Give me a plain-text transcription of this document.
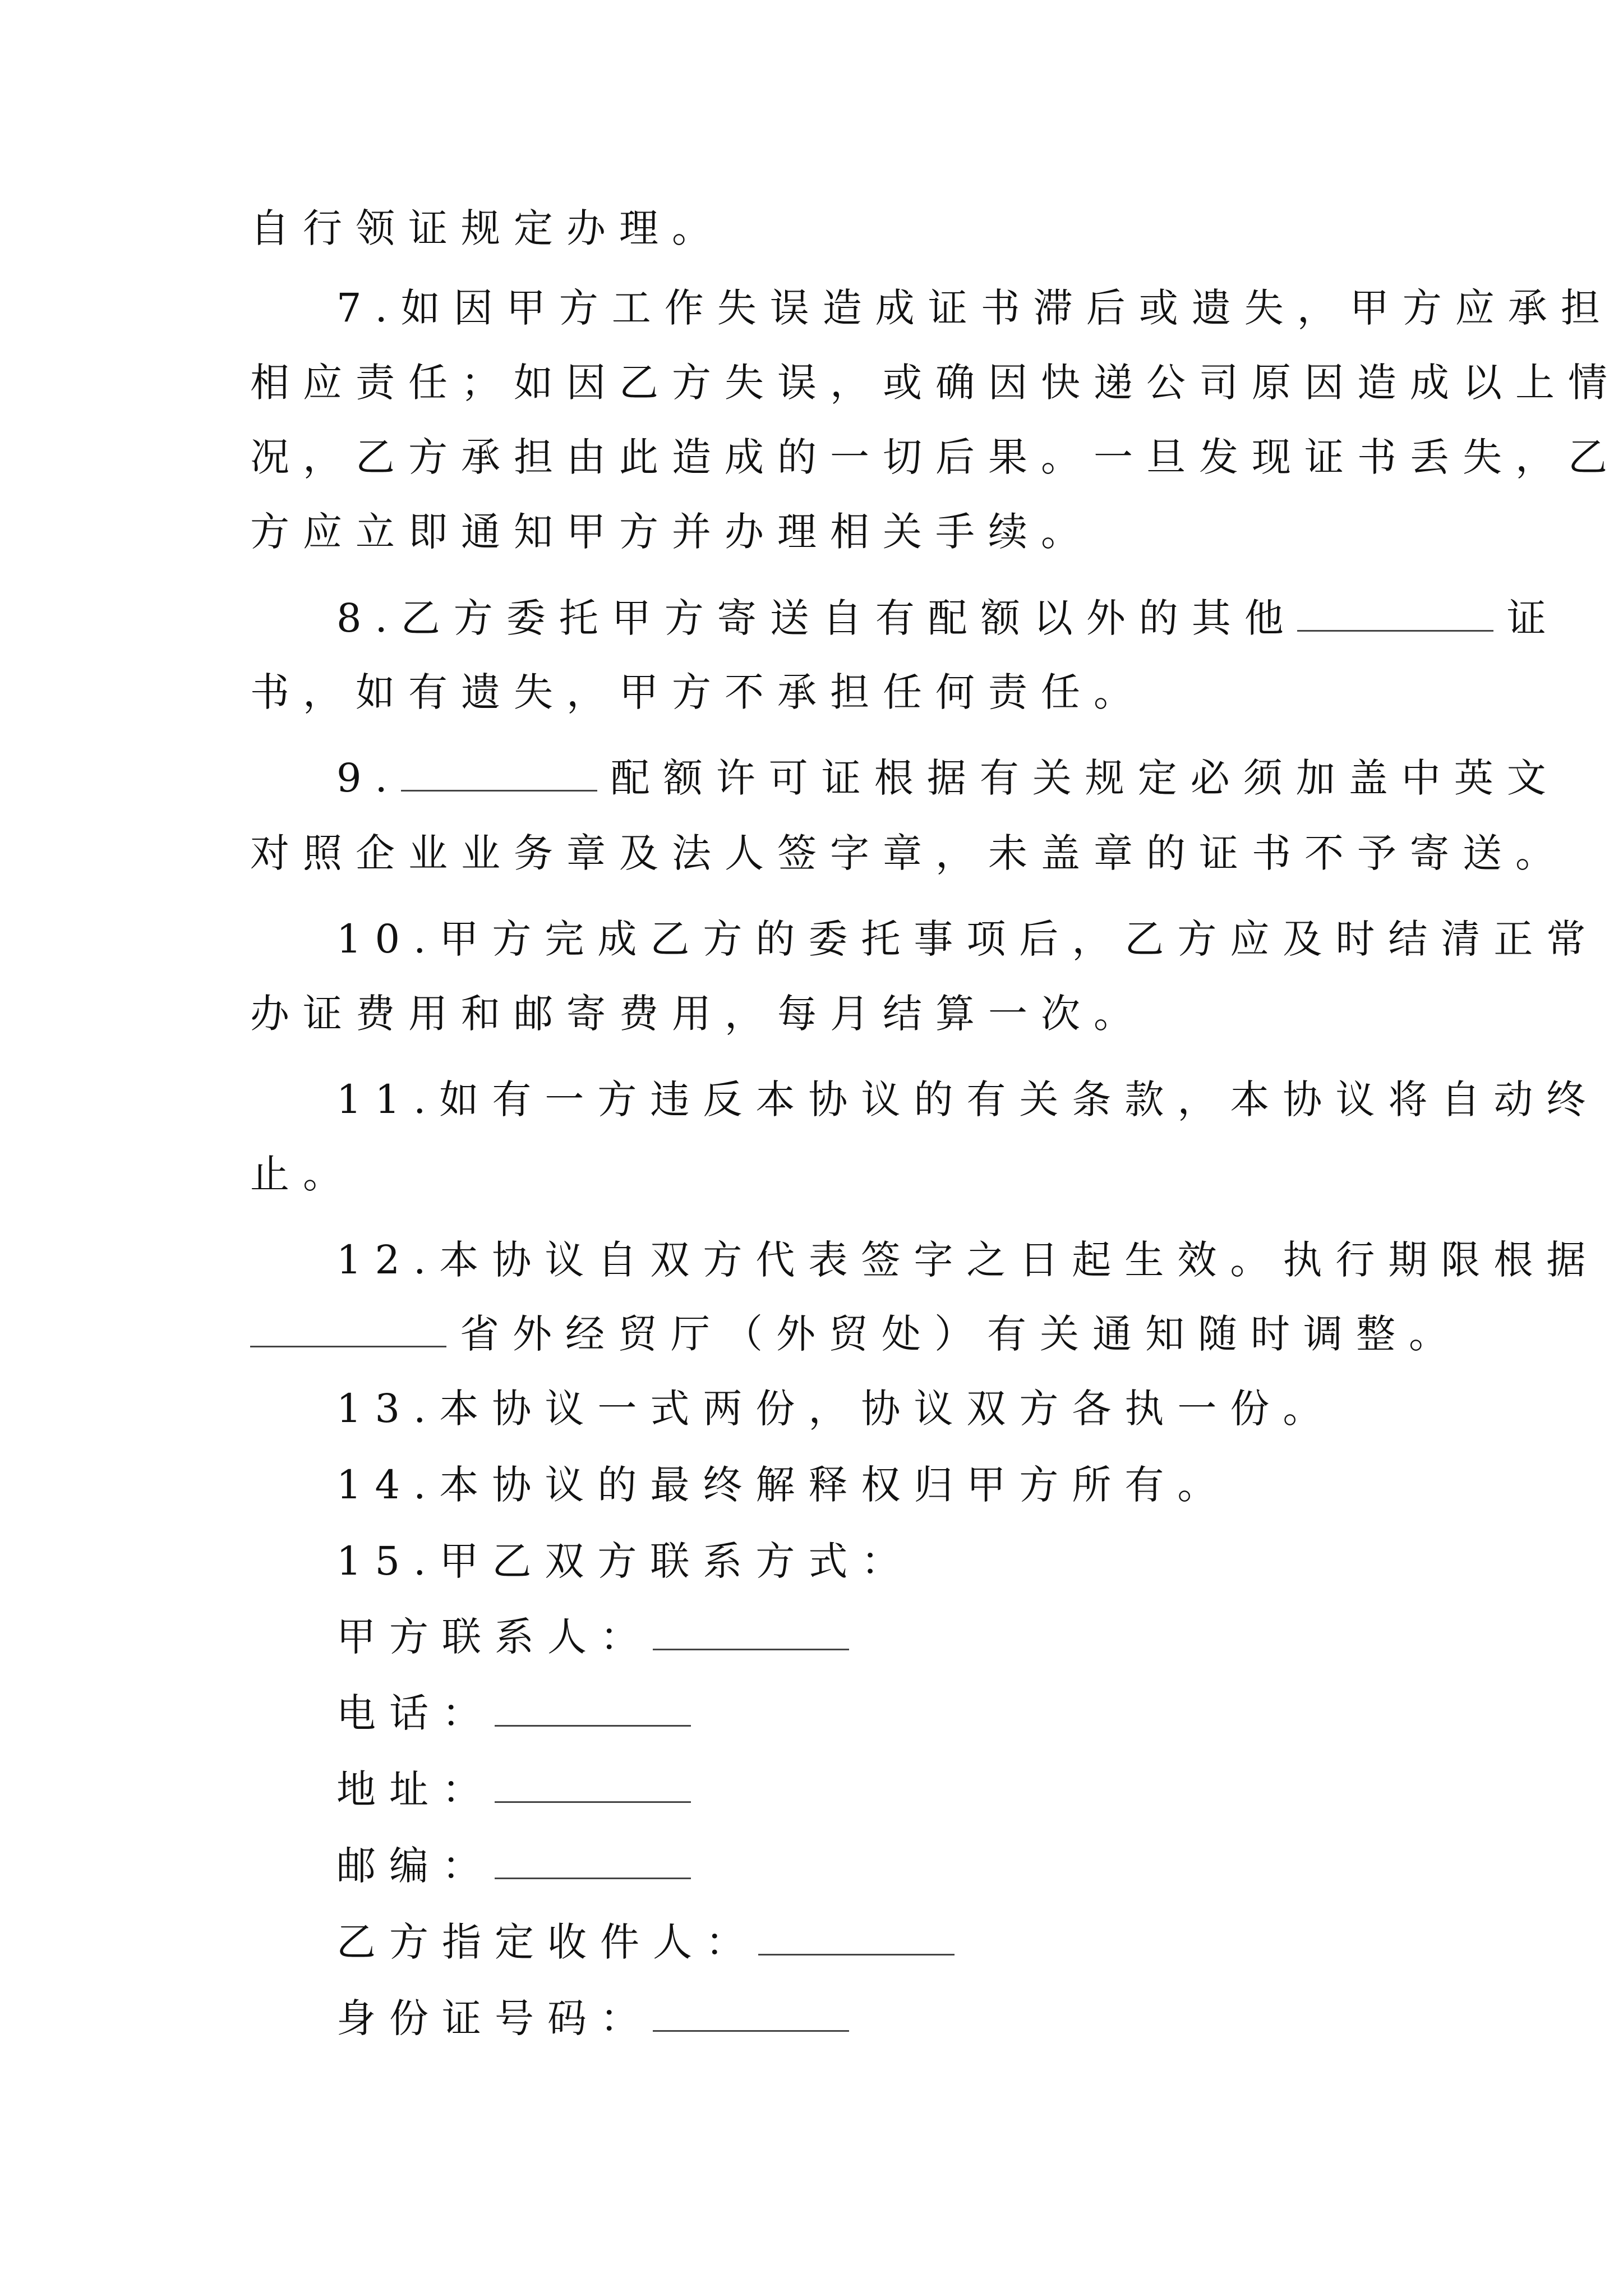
自行领证规定办理。
7.如因甲方工作失误造成证书滞后或遗失，甲方应承担
相应责任；如因乙方失误，或确因快递公司原因造成以上情
况，乙方承担由此造成的一切后果。一旦发现证书丢失，乙
方应立即通知甲方并办理相关手续。
8.乙方委托甲方寄送自有配额以外的其他	证
书，如有遗失，甲方不承担任何责任。
9.	配额许可证根据有关规定必须加盖中英文
对照企业业务章及法人签字章，未盖章的证书不予寄送。
10.甲方完成乙方的委托事项后，乙方应及时结清正常
办证费用和邮寄费用，每月结算一次。
11.如有一方违反本协议的有关条款，本协议将自动终
止。
12.本协议自双方代表签字之日起生效。执行期限根据
省外经贸厅（外贸处）有关通知随时调整。
13.本协议一式两份，协议双方各执一份。
14.本协议的最终解释权归甲方所有。
15.甲乙双方联系方式：
甲方联系人：
电话：
地址：
邮编：
乙方指定收件人：
身份证号码：
